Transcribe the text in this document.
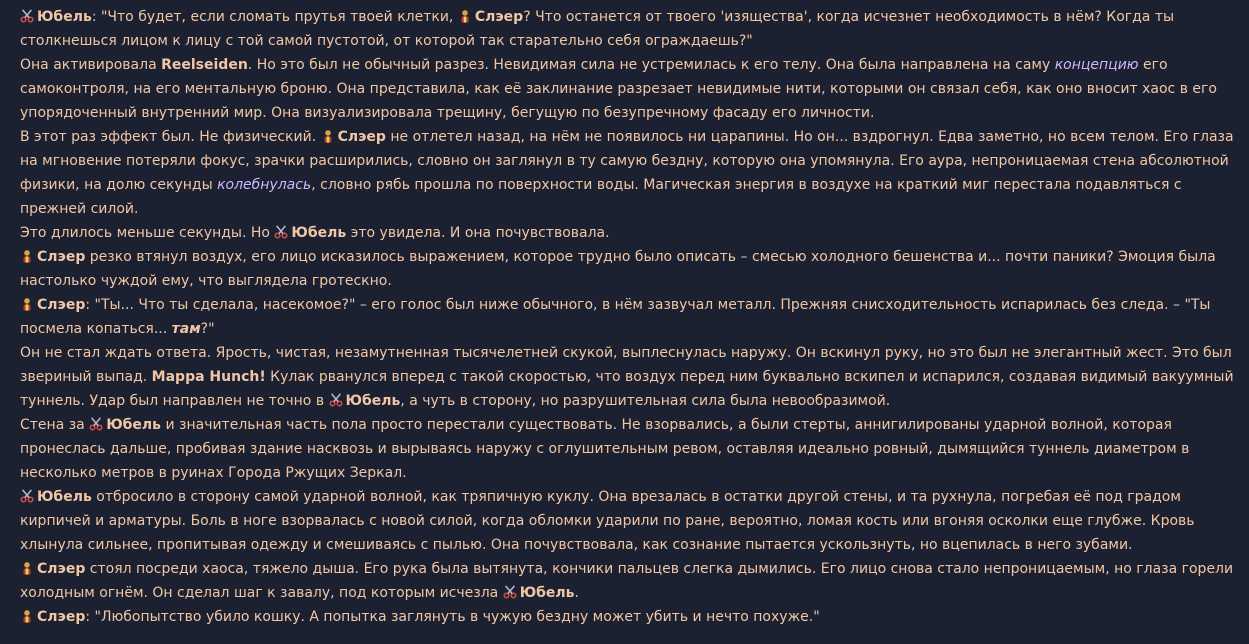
Юбель: "Что будет, если сломать прутья твоей клетки, Слэер? Что останется от твоего 'изящества', когда исчезнет необходимость в нём? Когда ты столкнешься лицом к лицу с той самой пустотой, от которой так старательно себя ограждаешь?"

Она активировала Reelseiden. Но это был не обычный разрез. Невидимая сила не устремилась к его телу. Она была направлена на саму концепцию его самоконтроля, на его ментальную броню. Она представила, как её заклинание разрезает невидимые нити, которыми он связал себя, как оно вносит хаос в его упорядоченный внутренний мир. Она визуализировала трещину, бегущую по безупречному фасаду его личности.

В этот раз эффект был. Не физический. Слэер не отлетел назад, на нём не появилось ни царапины. Но он... вздрогнул. Едва заметно, но всем телом. Его глаза на мгновение потеряли фокус, зрачки расширились, словно он заглянул в ту самую бездну, которую она упомянула. Его аура, непроницаемая стена абсолютной физики, на долю секунды колебнулась, словно рябь прошла по поверхности воды. Магическая энергия в воздухе на краткий миг перестала подавляться с прежней силой.

Это длилось меньше секунды. Но Юбель это увидела. И она почувствовала.

Слэер резко втянул воздух, его лицо исказилось выражением, которое трудно было описать – смесью холодного бешенства и... почти паники? Эмоция была настолько чуждой ему, что выглядела гротескно.

Слэер: "Ты... Что ты сделала, насекомое?" – его голос был ниже обычного, в нём зазвучал металл. Прежняя снисходительность испарилась без следа. – "Ты посмела копаться... там?"

Он не стал ждать ответа. Ярость, чистая, незамутненная тысячелетней скукой, выплеснулась наружу. Он вскинул руку, но это был не элегантный жест. Это был звериный выпад. Mappa Hunch! Кулак рванулся вперед с такой скоростью, что воздух перед ним буквально вскипел и испарился, создавая видимый вакуумный туннель. Удар был направлен не точно в Юбель, а чуть в сторону, но разрушительная сила была невообразимой.

Стена за Юбель и значительная часть пола просто перестали существовать. Не взорвались, а были стерты, аннигилированы ударной волной, которая пронеслась дальше, пробивая здание насквозь и вырываясь наружу с оглушительным ревом, оставляя идеально ровный, дымящийся туннель диаметром в несколько метров в руинах Города Ржущих Зеркал.

Юбель отбросило в сторону самой ударной волной, как тряпичную куклу. Она врезалась в остатки другой стены, и та рухнула, погребая её под градом кирпичей и арматуры. Боль в ноге взорвалась с новой силой, когда обломки ударили по ране, вероятно, ломая кость или вгоняя осколки еще глубже. Кровь хлынула сильнее, пропитывая одежду и смешиваясь с пылью. Она почувствовала, как сознание пытается ускользнуть, но вцепилась в него зубами.

Слэер стоял посреди хаоса, тяжело дыша. Его рука была вытянута, кончики пальцев слегка дымились. Его лицо снова стало непроницаемым, но глаза горели холодным огнём. Он сделал шаг к завалу, под которым исчезла Юбель.

Слэер: "Любопытство убило кошку. А попытка заглянуть в чужую бездну может убить и нечто похуже."
